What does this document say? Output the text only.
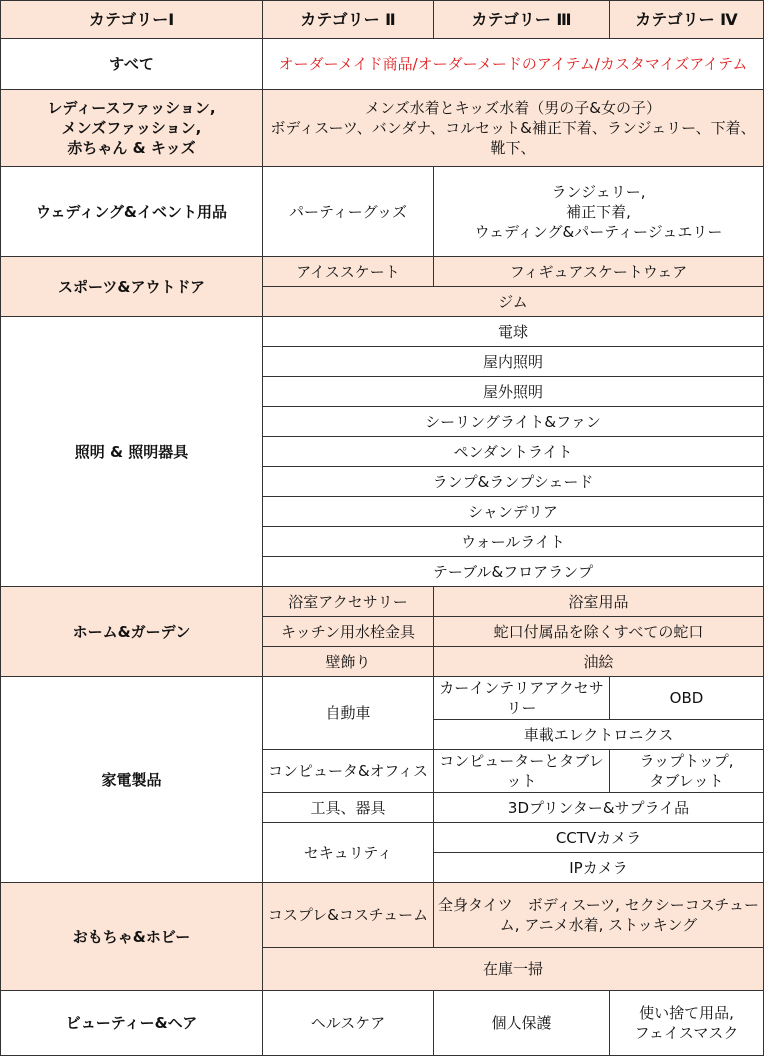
カテゴリーⅠ	カテゴリー Ⅱ	カテゴリー Ⅲ	カテゴリー Ⅳ
すべて	オーダーメイド商品/オーダーメードのアイテム/カスタマイズアイテム		
レディースファッション,
メンズファッション,
赤ちゃん & キッズ	メンズ水着とキッズ水着（男の子&女の子）
ボディスーツ、バンダナ、コルセット&補正下着、ランジェリー、下着、靴下、		
ウェディング&イベント用品	パーティーグッズ	ランジェリー,
補正下着,
ウェディング&パーティージュエリー	
スポーツ&アウトドア	アイススケート	フィギュアスケートウェア	
	ジム		
照明 & 照明器具	電球		
	屋内照明		
	屋外照明		
	シーリングライト&ファン		
	ペンダントライト		
	ランプ&ランプシェード		
	シャンデリア		
	ウォールライト		
	テーブル&フロアランプ		
ホーム&ガーデン	浴室アクセサリー	浴室用品	
	キッチン用水栓金具	蛇口付属品を除くすべての蛇口	
	壁飾り	油絵	
家電製品	自動車	カーインテリアアクセサリー	OBD
		車載エレクトロニクス	
	コンピュータ&オフィス	コンピューターとタブレット	ラップトップ,
タブレット
	工具、器具	3Dプリンター&サプライ品	
	セキュリティ	CCTVカメラ	
		IPカメラ	

おもちゃ&ホビー	コスプレ&コスチューム	全身タイツ　ボディスーツ, セクシーコスチューム, アニメ水着, ストッキング	
	在庫一掃		
ビューティー&ヘア	ヘルスケア	個人保護	使い捨て用品,
フェイスマスク
